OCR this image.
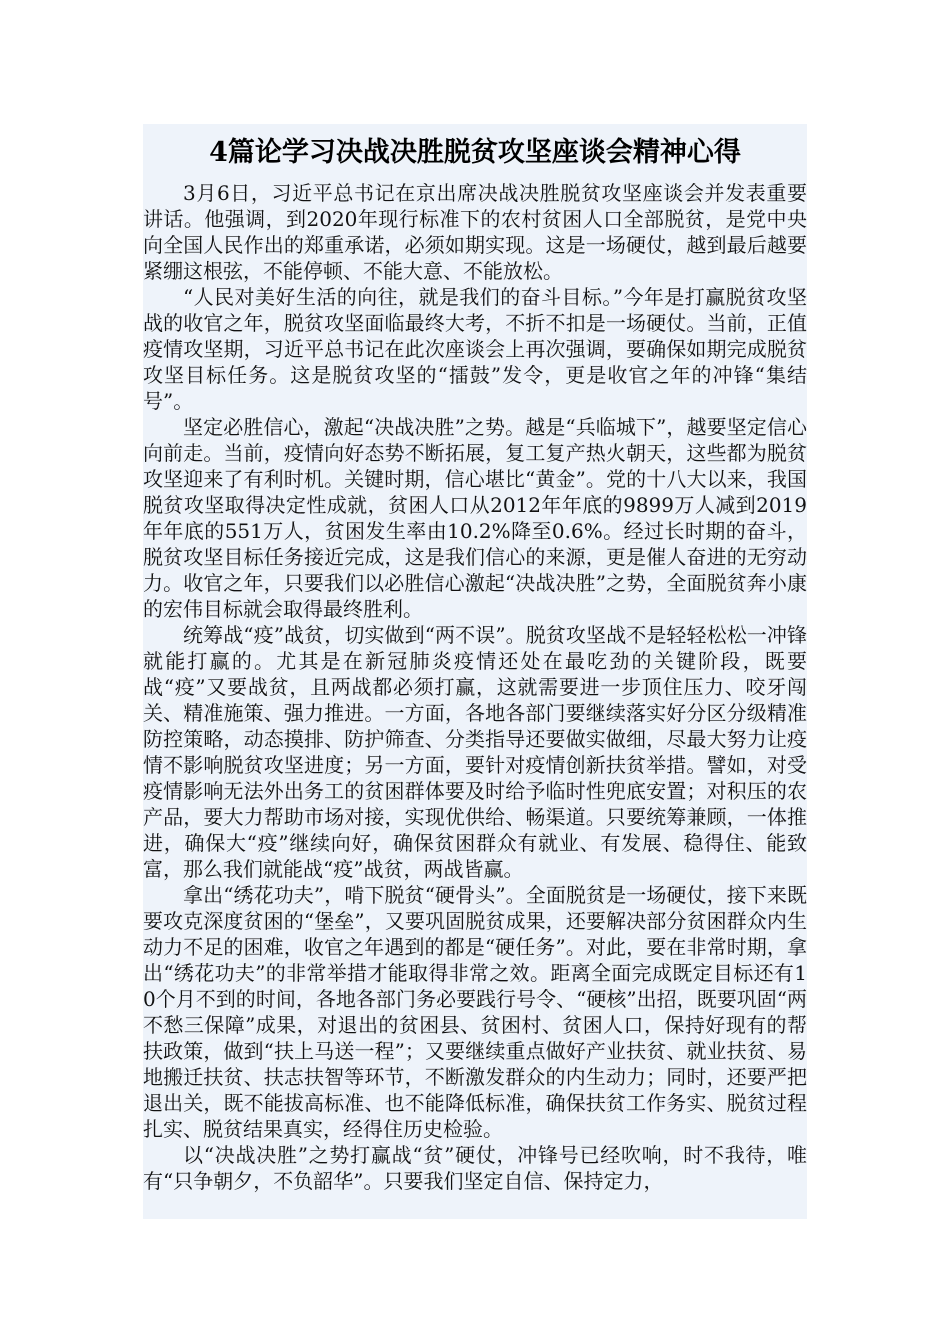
4篇论学习决战决胜脱贫攻坚座谈会精神心得

3月6日，习近平总书记在京出席决战决胜脱贫攻坚座谈会并发表重要讲话。他强调，到2020年现行标准下的农村贫困人口全部脱贫，是党中央向全国人民作出的郑重承诺，必须如期实现。这是一场硬仗，越到最后越要紧绷这根弦，不能停顿、不能大意、不能放松。

“人民对美好生活的向往，就是我们的奋斗目标。”今年是打赢脱贫攻坚战的收官之年，脱贫攻坚面临最终大考，不折不扣是一场硬仗。当前，正值疫情攻坚期，习近平总书记在此次座谈会上再次强调，要确保如期完成脱贫攻坚目标任务。这是脱贫攻坚的“擂鼓”发令，更是收官之年的冲锋“集结号”。

坚定必胜信心，激起“决战决胜”之势。越是“兵临城下”，越要坚定信心向前走。当前，疫情向好态势不断拓展，复工复产热火朝天，这些都为脱贫攻坚迎来了有利时机。关键时期，信心堪比“黄金”。党的十八大以来，我国脱贫攻坚取得决定性成就，贫困人口从2012年年底的9899万人减到2019年年底的551万人，贫困发生率由10.2%降至0.6%。经过长时期的奋斗，脱贫攻坚目标任务接近完成，这是我们信心的来源，更是催人奋进的无穷动力。收官之年，只要我们以必胜信心激起“决战决胜”之势，全面脱贫奔小康的宏伟目标就会取得最终胜利。

统筹战“疫”战贫，切实做到“两不误”。脱贫攻坚战不是轻轻松松一冲锋就能打赢的。尤其是在新冠肺炎疫情还处在最吃劲的关键阶段，既要战“疫”又要战贫，且两战都必须打赢，这就需要进一步顶住压力、咬牙闯关、精准施策、强力推进。一方面，各地各部门要继续落实好分区分级精准防控策略，动态摸排、防护筛查、分类指导还要做实做细，尽最大努力让疫情不影响脱贫攻坚进度；另一方面，要针对疫情创新扶贫举措。譬如，对受疫情影响无法外出务工的贫困群体要及时给予临时性兜底安置；对积压的农产品，要大力帮助市场对接，实现优供给、畅渠道。只要统筹兼顾，一体推进，确保大“疫”继续向好，确保贫困群众有就业、有发展、稳得住、能致富，那么我们就能战“疫”战贫，两战皆赢。

拿出“绣花功夫”，啃下脱贫“硬骨头”。全面脱贫是一场硬仗，接下来既要攻克深度贫困的“堡垒”，又要巩固脱贫成果，还要解决部分贫困群众内生动力不足的困难，收官之年遇到的都是“硬任务”。对此，要在非常时期，拿出“绣花功夫”的非常举措才能取得非常之效。距离全面完成既定目标还有10个月不到的时间，各地各部门务必要践行号令、“硬核”出招，既要巩固“两不愁三保障”成果，对退出的贫困县、贫困村、贫困人口，保持好现有的帮扶政策，做到“扶上马送一程”；又要继续重点做好产业扶贫、就业扶贫、易地搬迁扶贫、扶志扶智等环节，不断激发群众的内生动力；同时，还要严把退出关，既不能拔高标准、也不能降低标准，确保扶贫工作务实、脱贫过程扎实、脱贫结果真实，经得住历史检验。

以“决战决胜”之势打赢战“贫”硬仗，冲锋号已经吹响，时不我待，唯有“只争朝夕，不负韶华”。只要我们坚定自信、保持定力，
